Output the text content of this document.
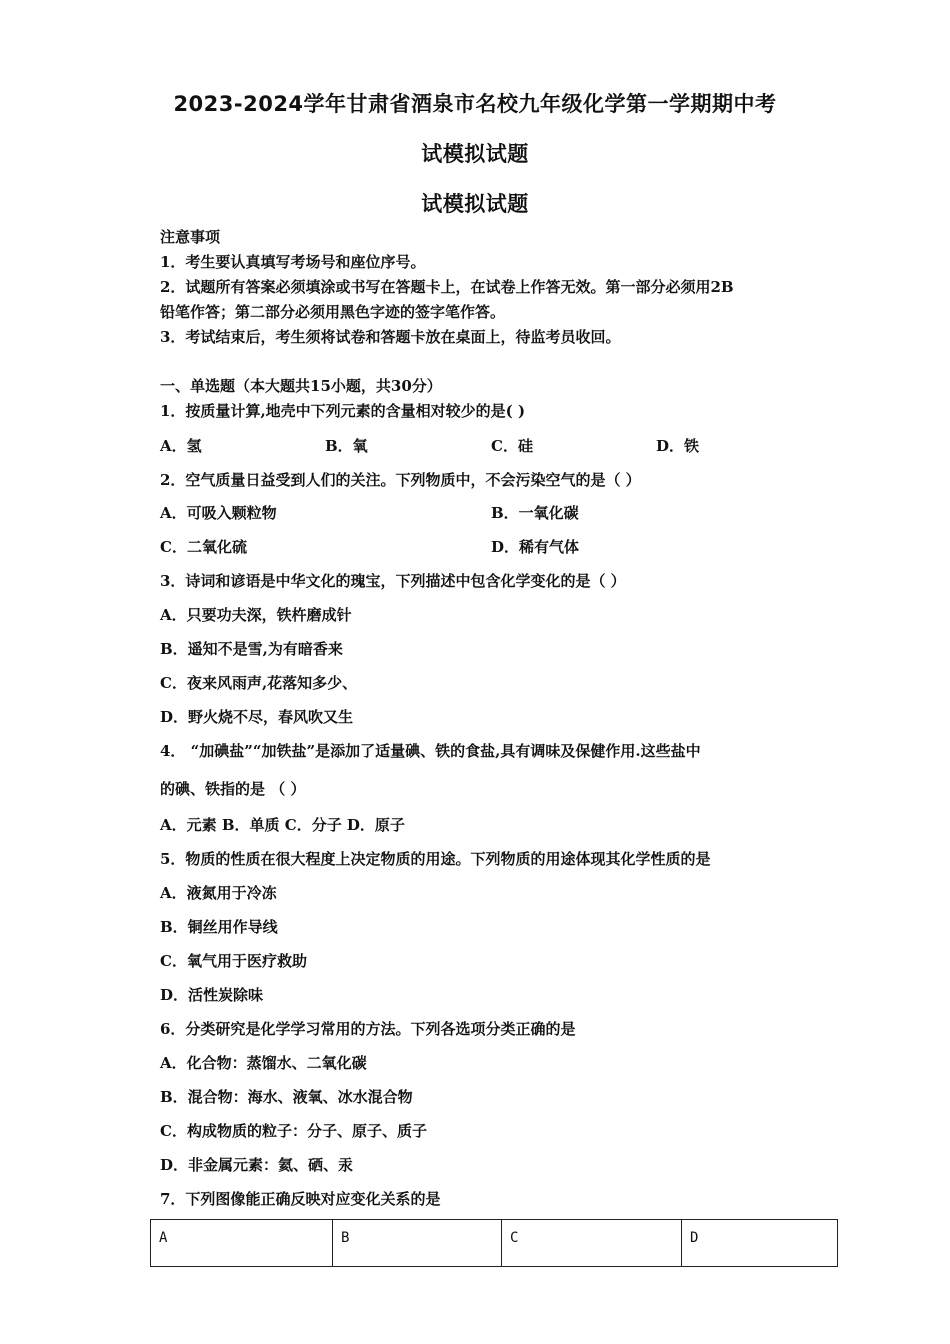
2023-2024学年甘肃省酒泉市名校九年级化学第一学期期中考
试模拟试题
试模拟试题
注意事项
1．考生要认真填写考场号和座位序号。
2．试题所有答案必须填涂或书写在答题卡上，在试卷上作答无效。第一部分必须用2B
铅笔作答；第二部分必须用黑色字迹的签字笔作答。
3．考试结束后，考生须将试卷和答题卡放在桌面上，待监考员收回。
一、单选题（本大题共15小题，共30分）
1．按质量计算,地壳中下列元素的含量相对较少的是( )
A．氢	B．氧	C．硅	D．铁
2．空气质量日益受到人们的关注。下列物质中，不会污染空气的是（ ）
A．可吸入颗粒物	B．一氧化碳
C．二氧化硫	D．稀有气体
3．诗词和谚语是中华文化的瑰宝，下列描述中包含化学变化的是（ ）
A．只要功夫深，铁杵磨成针
B．遥知不是雪,为有暗香来
C．夜来风雨声,花落知多少、
D．野火烧不尽，春风吹又生
4． “加碘盐”“加铁盐”是添加了适量碘、铁的食盐,具有调味及保健作用.这些盐中
的碘、铁指的是 （ ）
A．元素 B．单质 C．分子 D．原子
5．物质的性质在很大程度上决定物质的用途。下列物质的用途体现其化学性质的是
A．液氮用于冷冻
B．铜丝用作导线
C．氧气用于医疗救助
D．活性炭除味
6．分类研究是化学学习常用的方法。下列各选项分类正确的是
A．化合物：蒸馏水、二氧化碳
B．混合物：海水、液氧、冰水混合物
C．构成物质的粒子：分子、原子、质子
D．非金属元素：氦、硒、汞
7．下列图像能正确反映对应变化关系的是
A	B	C	D
